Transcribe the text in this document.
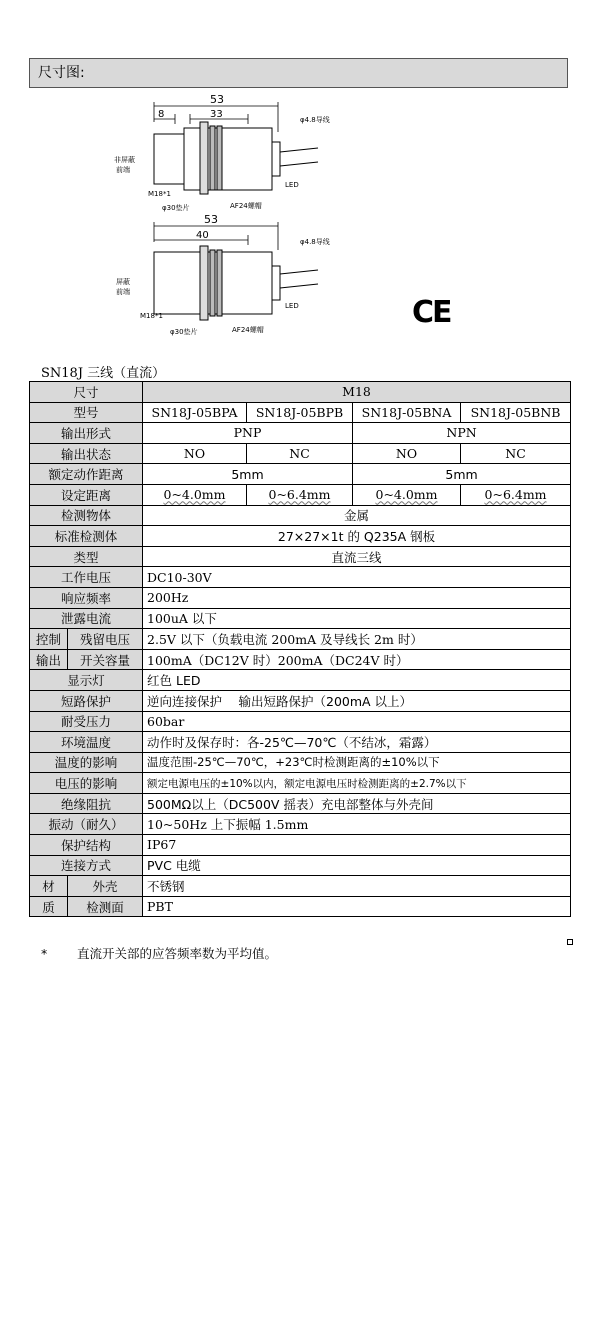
尺寸图:
53
8	33	φ4.8导线
非屏蔽
前端
M18*1
φ30垫片	AF24螺帽
LED
53
40
φ4.8导线
屏蔽
前端
M18*1
φ30垫片	AF24螺帽
LED	CE
SN18J 三线（直流）
尺寸		M18			
型号		SN18J-05BPA	SN18J-05BPB	SN18J-05BNA	SN18J-05BNB
输出形式		PNP		NPN	
输出状态		NO	NC	NO	NC
额定动作距离		5mm		5mm	
设定距离		0~4.0mm	0~6.4mm	0~4.0mm	0~6.4mm
检测物体		金属			
标准检测体		27×27×1t 的 Q235A 钢板			
类型		直流三线			
工作电压		DC10-30V			
响应频率		200Hz			
泄露电流		100uA 以下			
控制	残留电压	2.5V 以下（负载电流 200mA 及导线长 2m 时）			
输出	开关容量	100mA（DC12V 时）200mA（DC24V 时）			
显示灯		红色 LED			
短路保护		逆向连接保护　 输出短路保护（200mA 以上）			
耐受压力		60bar			
环境温度		动作时及保存时：各-25℃—70℃（不结冰，霜露）			
温度的影响		温度范围-25℃—70℃，+23℃时检测距离的±10%以下			
电压的影响		额定电源电压的±10%以内，额定电源电压时检测距离的±2.7%以下			
绝缘阻抗		500MΩ以上（DC500V 摇表）充电部整体与外壳间			
振动（耐久）		10~50Hz 上下振幅 1.5mm			
保护结构		IP67			
连接方式		PVC 电缆			
材	外壳	不锈钢			
质	检测面	PBT			
* 直流开关部的应答频率数为平均值。
